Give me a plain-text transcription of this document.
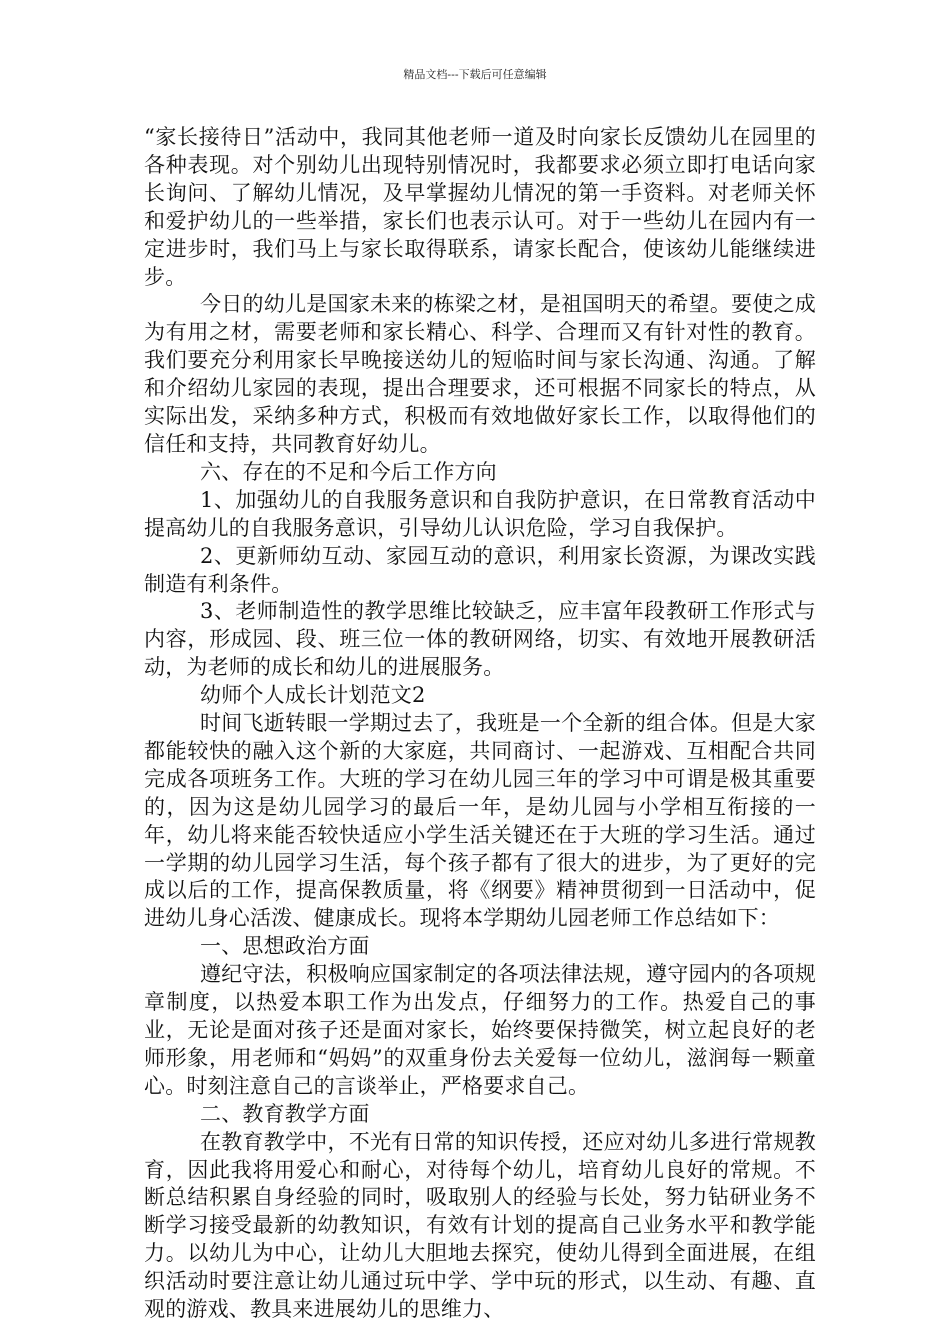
精品文档---下载后可任意编辑

“家长接待日”活动中，我同其他老师一道及时向家长反馈幼儿在园里的各种表现。对个别幼儿出现特别情况时，我都要求必须立即打电话向家长询问、了解幼儿情况，及早掌握幼儿情况的第一手资料。对老师关怀和爱护幼儿的一些举措，家长们也表示认可。对于一些幼儿在园内有一定进步时，我们马上与家长取得联系，请家长配合，使该幼儿能继续进步。

今日的幼儿是国家未来的栋梁之材，是祖国明天的希望。要使之成为有用之材，需要老师和家长精心、科学、合理而又有针对性的教育。我们要充分利用家长早晚接送幼儿的短临时间与家长沟通、沟通。了解和介绍幼儿家园的表现，提出合理要求，还可根据不同家长的特点，从实际出发，采纳多种方式，积极而有效地做好家长工作，以取得他们的信任和支持，共同教育好幼儿。

六、存在的不足和今后工作方向

1、加强幼儿的自我服务意识和自我防护意识，在日常教育活动中提高幼儿的自我服务意识，引导幼儿认识危险，学习自我保护。

2、更新师幼互动、家园互动的意识，利用家长资源，为课改实践制造有利条件。

3、老师制造性的教学思维比较缺乏，应丰富年段教研工作形式与内容，形成园、段、班三位一体的教研网络，切实、有效地开展教研活动，为老师的成长和幼儿的进展服务。

幼师个人成长计划范文2

时间飞逝转眼一学期过去了，我班是一个全新的组合体。但是大家都能较快的融入这个新的大家庭，共同商讨、一起游戏、互相配合共同完成各项班务工作。大班的学习在幼儿园三年的学习中可谓是极其重要的，因为这是幼儿园学习的最后一年，是幼儿园与小学相互衔接的一年，幼儿将来能否较快适应小学生活关键还在于大班的学习生活。通过一学期的幼儿园学习生活，每个孩子都有了很大的进步，为了更好的完成以后的工作，提高保教质量，将《纲要》精神贯彻到一日活动中，促进幼儿身心活泼、健康成长。现将本学期幼儿园老师工作总结如下：

一、思想政治方面

遵纪守法，积极响应国家制定的各项法律法规，遵守园内的各项规章制度，以热爱本职工作为出发点，仔细努力的工作。热爱自己的事业，无论是面对孩子还是面对家长，始终要保持微笑，树立起良好的老师形象，用老师和“妈妈”的双重身份去关爱每一位幼儿，滋润每一颗童心。时刻注意自己的言谈举止，严格要求自己。

二、教育教学方面

在教育教学中，不光有日常的知识传授，还应对幼儿多进行常规教育，因此我将用爱心和耐心，对待每个幼儿，培育幼儿良好的常规。不断总结积累自身经验的同时，吸取别人的经验与长处，努力钻研业务不断学习接受最新的幼教知识，有效有计划的提高自己业务水平和教学能力。以幼儿为中心，让幼儿大胆地去探究，使幼儿得到全面进展，在组织活动时要注意让幼儿通过玩中学、学中玩的形式，以生动、有趣、直观的游戏、教具来进展幼儿的思维力、
